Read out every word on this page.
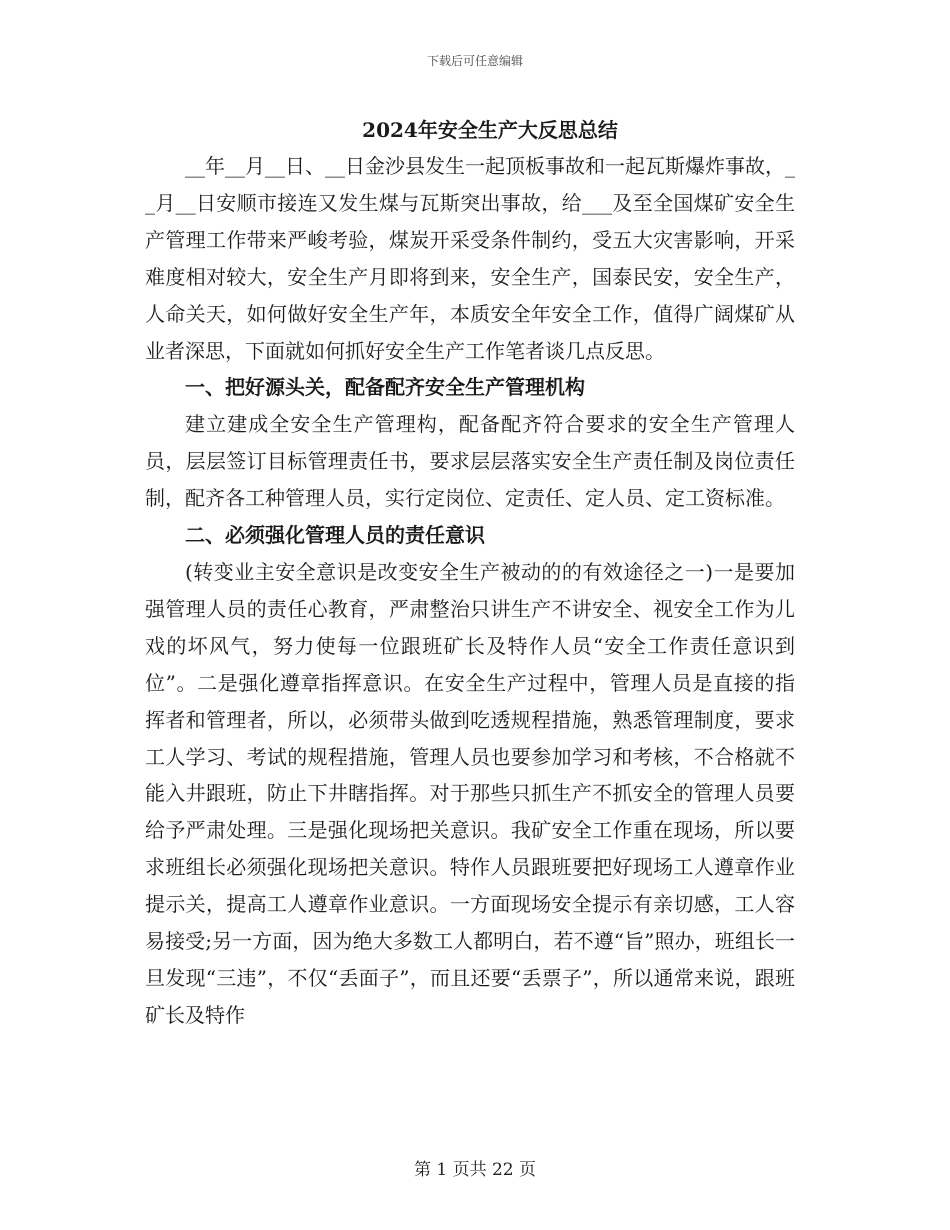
下载后可任意编辑
2024年安全生产大反思总结

__年__月__日、__日金沙县发生一起顶板事故和一起瓦斯爆炸事故，__月__日安顺市接连又发生煤与瓦斯突出事故，给___及至全国煤矿安全生产管理工作带来严峻考验，煤炭开采受条件制约，受五大灾害影响，开采难度相对较大，安全生产月即将到来，安全生产，国泰民安，安全生产，人命关天，如何做好安全生产年，本质安全年安全工作，值得广阔煤矿从业者深思，下面就如何抓好安全生产工作笔者谈几点反思。

一、把好源头关，配备配齐安全生产管理机构

建立建成全安全生产管理构，配备配齐符合要求的安全生产管理人员，层层签订目标管理责任书，要求层层落实安全生产责任制及岗位责任制，配齐各工种管理人员，实行定岗位、定责任、定人员、定工资标准。

二、必须强化管理人员的责任意识

(转变业主安全意识是改变安全生产被动的的有效途径之一)一是要加强管理人员的责任心教育，严肃整治只讲生产不讲安全、视安全工作为儿戏的坏风气，努力使每一位跟班矿长及特作人员“安全工作责任意识到位”。二是强化遵章指挥意识。在安全生产过程中，管理人员是直接的指挥者和管理者，所以，必须带头做到吃透规程措施，熟悉管理制度，要求工人学习、考试的规程措施，管理人员也要参加学习和考核，不合格就不能入井跟班，防止下井瞎指挥。对于那些只抓生产不抓安全的管理人员要给予严肃处理。三是强化现场把关意识。我矿安全工作重在现场，所以要求班组长必须强化现场把关意识。特作人员跟班要把好现场工人遵章作业提示关，提高工人遵章作业意识。一方面现场安全提示有亲切感，工人容易接受;另一方面，因为绝大多数工人都明白，若不遵“旨”照办，班组长一旦发现“三违”，不仅“丢面子”，而且还要“丢票子”，所以通常来说，跟班矿长及特作

第 1 页共 22 页
